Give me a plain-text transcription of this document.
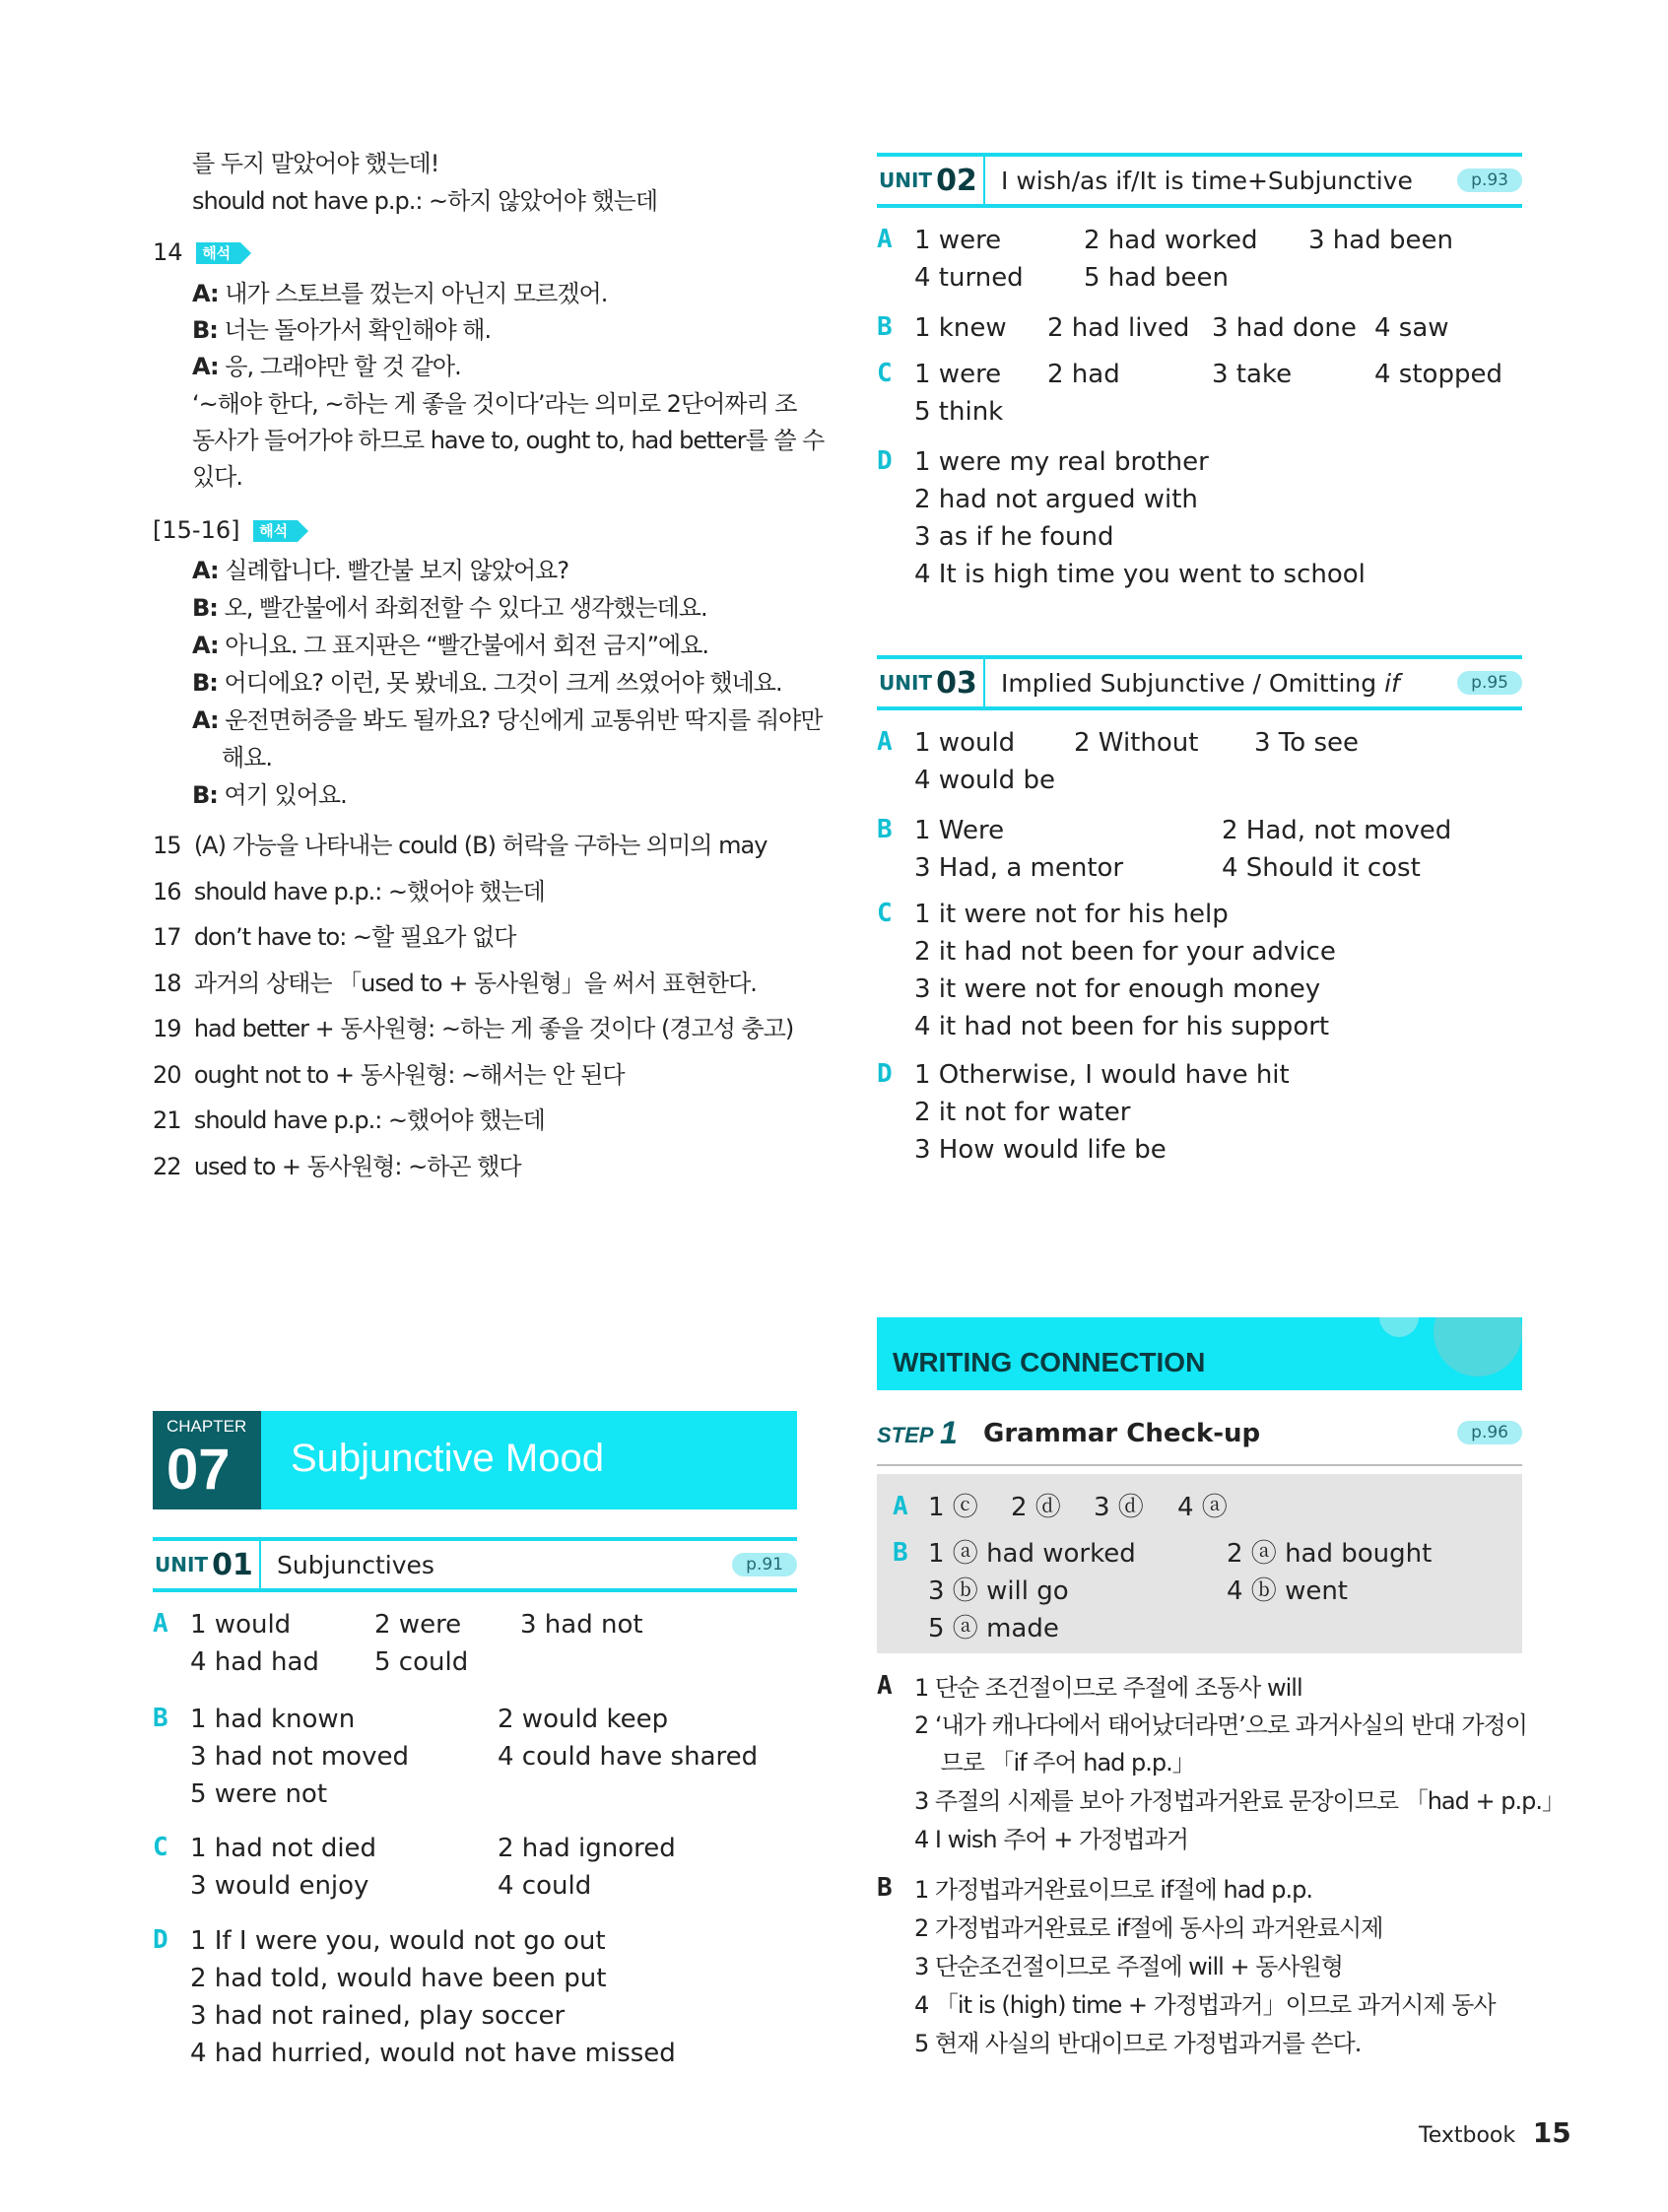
를 두지 말았어야 했는데!
should not have p.p.: ~하지 않았어야 했는데
14 해석
A: 내가 스토브를 껐는지 아닌지 모르겠어.
B: 너는 돌아가서 확인해야 해.
A: 응, 그래야만 할 것 같아.
‘~해야 한다, ~하는 게 좋을 것이다’라는 의미로 2단어짜리 조
동사가 들어가야 하므로 have to, ought to, had better를 쓸 수
있다.
[15-16] 해석
A: 실례합니다. 빨간불 보지 않았어요?
B: 오, 빨간불에서 좌회전할 수 있다고 생각했는데요.
A: 아니요. 그 표지판은 “빨간불에서 회전 금지”에요.
B: 어디에요? 이런, 못 봤네요. 그것이 크게 쓰였어야 했네요.
A: 운전면허증을 봐도 될까요? 당신에게 교통위반 딱지를 줘야만
해요.
B: 여기 있어요.
15 (A) 가능을 나타내는 could (B) 허락을 구하는 의미의 may
16 should have p.p.: ~했어야 했는데
17 don’t have to: ~할 필요가 없다
18 과거의 상태는 「used to + 동사원형」을 써서 표현한다.
19 had better + 동사원형: ~하는 게 좋을 것이다 (경고성 충고)
20 ought not to + 동사원형: ~해서는 안 된다
21 should have p.p.: ~했어야 했는데
22 used to + 동사원형: ~하곤 했다
CHAPTER
07 Subjunctive Mood
UNIT 01 Subjunctives	p.91
A 1 would	2 were 3 had not
4 had had 5 could
B 1 had known	2 would keep
3 had not moved	4 could have shared
5 were not
C 1 had not died	2 had ignored
3 would enjoy	4 could
D 1 If I were you, would not go out
2 had told, would have been put
3 had not rained, play soccer
4 had hurried, would not have missed
UNIT 02 I wish/as if/It is time+Subjunctive	p.93
A 1 were	2 had worked 3 had been
4 turned 5 had been
B 1 knew 2 had lived 3 had done 4 saw
C 1 were 2 had	3 take	4 stopped
5 think
D 1 were my real brother
2 had not argued with
3 as if he found
4 It is high time you went to school
UNIT 03 Implied Subjunctive / Omitting if	p.95
A 1 would 2 Without 3 To see
4 would be
B 1 Were	2 Had, not moved
3 Had, a mentor	4 Should it cost
C 1 it were not for his help
2 it had not been for your advice
3 it were not for enough money
4 it had not been for his support
D 1 Otherwise, I would have hit
2 it not for water
3 How would life be
WRITING CONNECTION
STEP 1 Grammar Check-up	p.96
A 1 ⓒ 2 ⓓ 3 ⓓ 4 ⓐ
B 1 ⓐ had worked	2 ⓐ had bought
3 ⓑ will go	4 ⓑ went
5 ⓐ made
A 1 단순 조건절이므로 주절에 조동사 will
2 ‘내가 캐나다에서 태어났더라면’으로 과거사실의 반대 가정이
므로 「if 주어 had p.p.」
3 주절의 시제를 보아 가정법과거완료 문장이므로 「had + p.p.」
4 I wish 주어 + 가정법과거
B 1 가정법과거완료이므로 if절에 had p.p.
2 가정법과거완료로 if절에 동사의 과거완료시제
3 단순조건절이므로 주절에 will + 동사원형
4 「it is (high) time + 가정법과거」이므로 과거시제 동사
5 현재 사실의 반대이므로 가정법과거를 쓴다.
Textbook 15
